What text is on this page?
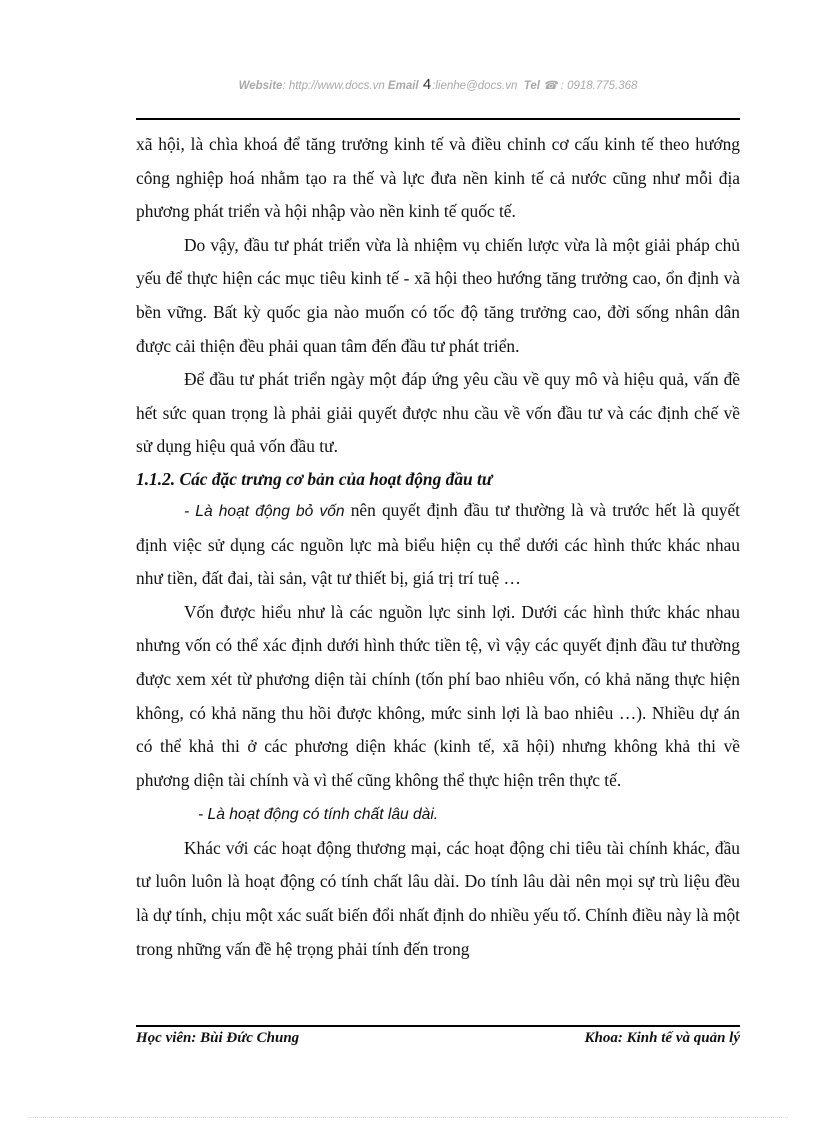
Website: http://www.docs.vn Email 4:lienhe@docs.vn Tel ☎ : 0918.775.368

xã hội, là chìa khoá để tăng trưởng kinh tế và điều chỉnh cơ cấu kinh tế theo hướng công nghiệp hoá nhằm tạo ra thế và lực đưa nền kinh tế cả nước cũng như mỗi địa phương phát triển và hội nhập vào nền kinh tế quốc tế.

Do vậy, đầu tư phát triển vừa là nhiệm vụ chiến lược vừa là một giải pháp chủ yếu để thực hiện các mục tiêu kinh tế - xã hội theo hướng tăng trưởng cao, ổn định và bền vững. Bất kỳ quốc gia nào muốn có tốc độ tăng trưởng cao, đời sống nhân dân được cải thiện đều phải quan tâm đến đầu tư phát triển.

Để đầu tư phát triển ngày một đáp ứng yêu cầu về quy mô và hiệu quả, vấn đề hết sức quan trọng là phải giải quyết được nhu cầu về vốn đầu tư và các định chế về sử dụng hiệu quả vốn đầu tư.

1.1.2. Các đặc trưng cơ bản của hoạt động đầu tư

- Là hoạt động bỏ vốn nên quyết định đầu tư thường là và trước hết là quyết định việc sử dụng các nguồn lực mà biểu hiện cụ thể dưới các hình thức khác nhau như tiền, đất đai, tài sản, vật tư thiết bị, giá trị trí tuệ …

Vốn được hiểu như là các nguồn lực sinh lợi. Dưới các hình thức khác nhau nhưng vốn có thể xác định dưới hình thức tiền tệ, vì vậy các quyết định đầu tư thường được xem xét từ phương diện tài chính (tốn phí bao nhiêu vốn, có khả năng thực hiện không, có khả năng thu hồi được không, mức sinh lợi là bao nhiêu …). Nhiều dự án có thể khả thi ở các phương diện khác (kinh tế, xã hội) nhưng không khả thi về phương diện tài chính và vì thế cũng không thể thực hiện trên thực tế.

- Là hoạt động có tính chất lâu dài.

Khác với các hoạt động thương mại, các hoạt động chi tiêu tài chính khác, đầu tư luôn luôn là hoạt động có tính chất lâu dài. Do tính lâu dài nên mọi sự trù liệu đều là dự tính, chịu một xác suất biến đổi nhất định do nhiều yếu tố. Chính điều này là một trong những vấn đề hệ trọng phải tính đến trong

Học viên: Bùi Đức Chung	Khoa: Kinh tế và quản lý
